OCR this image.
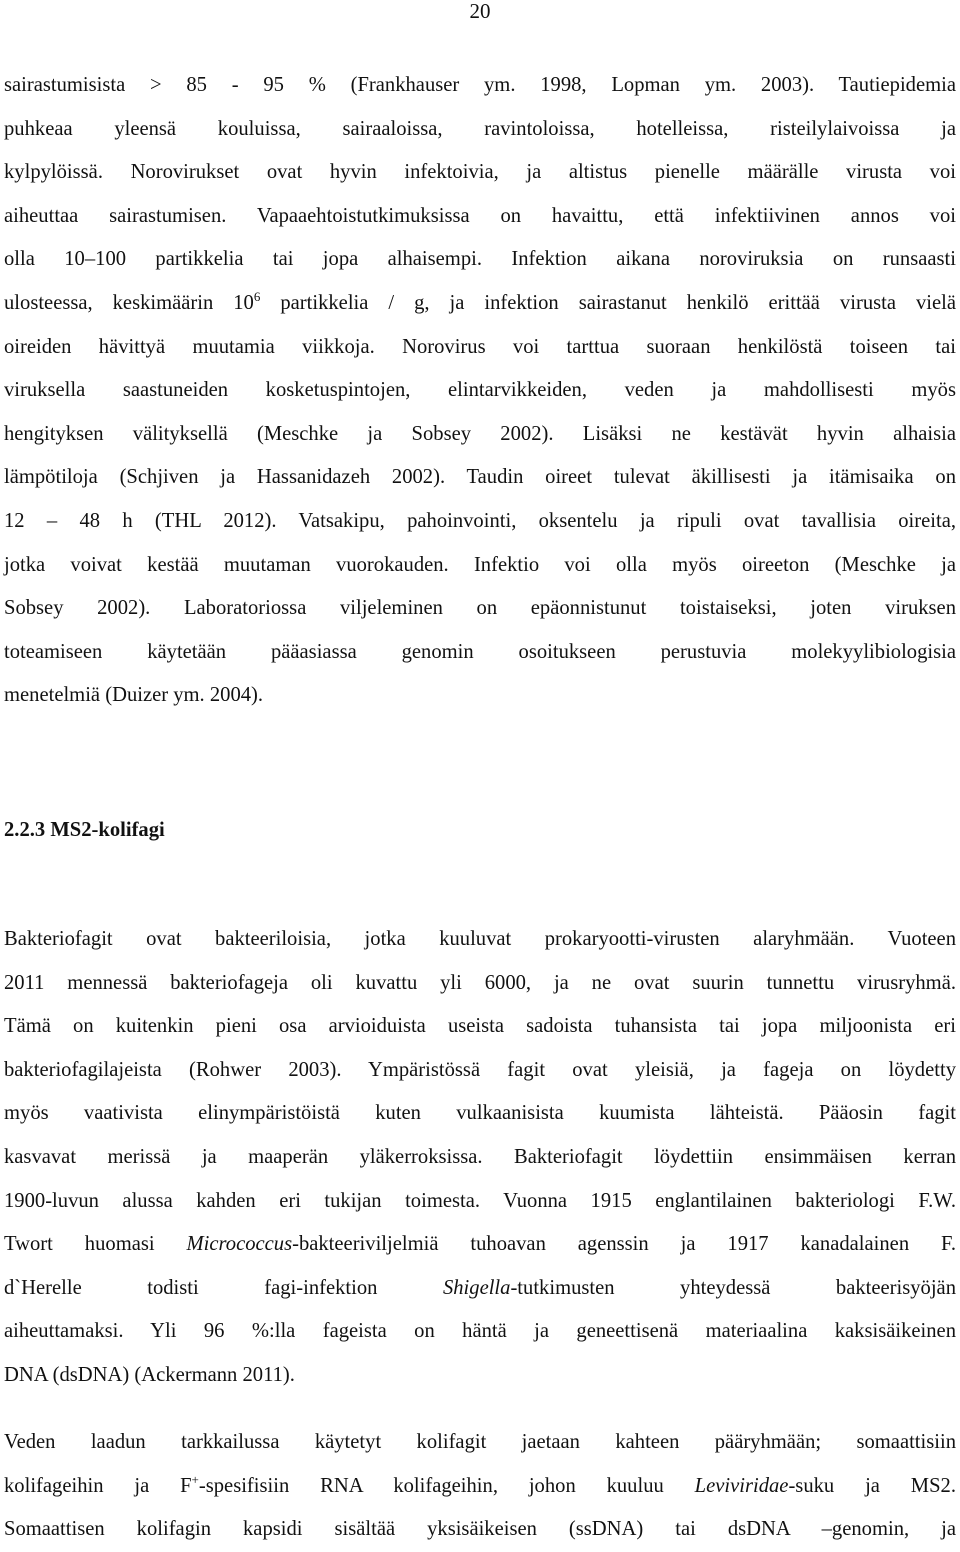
20
sairastumisista > 85 - 95 % (Frankhauser ym. 1998, Lopman ym. 2003). Tautiepidemia
puhkeaa yleensä kouluissa, sairaaloissa, ravintoloissa, hotelleissa, risteilylaivoissa ja
kylpylöissä. Norovirukset ovat hyvin infektoivia, ja altistus pienelle määrälle virusta voi
aiheuttaa sairastumisen. Vapaaehtoistutkimuksissa on havaittu, että infektiivinen annos voi
olla 10–100 partikkelia tai jopa alhaisempi. Infektion aikana noroviruksia on runsaasti
ulosteessa, keskimäärin $10^6$ partikkelia / g, ja infektion sairastanut henkilö erittää virusta vielä
oireiden hävittyä muutamia viikkoja. Norovirus voi tarttua suoraan henkilöstä toiseen tai
viruksella saastuneiden kosketuspintojen, elintarvikkeiden, veden ja mahdollisesti myös
hengityksen välityksellä (Meschke ja Sobsey 2002). Lisäksi ne kestävät hyvin alhaisia
lämpötiloja (Schjiven ja Hassanidazeh 2002). Taudin oireet tulevat äkillisesti ja itämisaika on
12 – 48 h (THL 2012). Vatsakipu, pahoinvointi, oksentelu ja ripuli ovat tavallisia oireita,
jotka voivat kestää muutaman vuorokauden. Infektio voi olla myös oireeton (Meschke ja
Sobsey 2002). Laboratoriossa viljeleminen on epäonnistunut toistaiseksi, joten viruksen
toteamiseen käytetään pääasiassa genomin osoitukseen perustuvia molekyylibiologisia
menetelmiä (Duizer ym. 2004).
2.2.3 MS2-kolifagi
Bakteriofagit ovat bakteeriloisia, jotka kuuluvat prokaryootti-virusten alaryhmään. Vuoteen
2011 mennessä bakteriofageja oli kuvattu yli 6000, ja ne ovat suurin tunnettu virusryhmä.
Tämä on kuitenkin pieni osa arvioiduista useista sadoista tuhansista tai jopa miljoonista eri
bakteriofagilajeista (Rohwer 2003). Ympäristössä fagit ovat yleisiä, ja fageja on löydetty
myös vaativista elinympäristöistä kuten vulkaanisista kuumista lähteistä. Pääosin fagit
kasvavat merissä ja maaperän yläkerroksissa. Bakteriofagit löydettiin ensimmäisen kerran
1900-luvun alussa kahden eri tukijan toimesta. Vuonna 1915 englantilainen bakteriologi F.W.
Twort huomasi Micrococcus-bakteeriviljelmiä tuhoavan agenssin ja 1917 kanadalainen F.
d`Herelle todisti fagi-infektion Shigella-tutkimusten yhteydessä bakteerisyöjän
aiheuttamaksi. Yli 96 %:lla fageista on häntä ja geneettisenä materiaalina kaksisäikeinen
DNA (dsDNA) (Ackermann 2011).
Veden laadun tarkkailussa käytetyt kolifagit jaetaan kahteen pääryhmään; somaattisiin
kolifageihin ja F+-spesifisiin RNA kolifageihin, johon kuuluu Leviviridae-suku ja MS2.
Somaattisen kolifagin kapsidi sisältää yksisäikeisen (ssDNA) tai dsDNA –genomin, ja
